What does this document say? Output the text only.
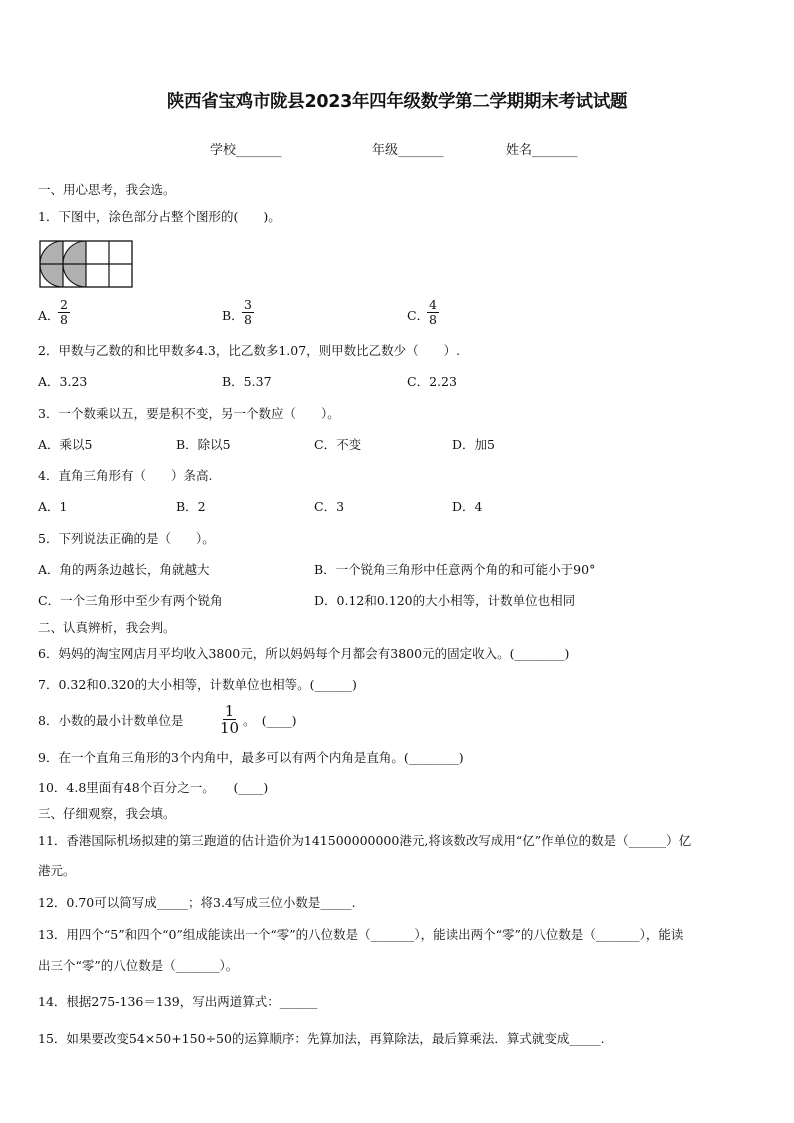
陕西省宝鸡市陇县2023年四年级数学第二学期期末考试试题
学校_______	年级_______	姓名_______
一、用心思考，我会选。
1．下图中，涂色部分占整个图形的(　　)。
A．
$\frac{2}{8}$	B．
$\frac{3}{8}$	C．
$\frac{4}{8}$
2．甲数与乙数的和比甲数多4.3，比乙数多1.07，则甲数比乙数少（　　）.
A．3.23	B．5.37	C．2.23
3．一个数乘以五，要是积不变，另一个数应（　　）。
A．乘以5	B．除以5	C．不变	D．加5
4．直角三角形有（　　）条高.
A．1	B．2	C．3	D．4
5．下列说法正确的是（　　）。
A．角的两条边越长，角就越大	B．一个锐角三角形中任意两个角的和可能小于90°
C．一个三角形中至少有两个锐角	D．0.12和0.120的大小相等，计数单位也相同
二、认真辨析，我会判。
6．妈妈的淘宝网店月平均收入3800元，所以妈妈每个月都会有3800元的固定收入。(________)
7．0.32和0.320的大小相等，计数单位也相等。(______)
8．小数的最小计数单位是 $\frac{1}{10}$ 。　(____)
9．在一个直角三角形的3个内角中，最多可以有两个内角是直角。(________)
10．4.8里面有48个百分之一。　　(____)
三、仔细观察，我会填。
11．香港国际机场拟建的第三跑道的估计造价为141500000000港元,将该数改写成用“亿”作单位的数是（______）亿
港元。
12．0.70可以简写成_____；将3.4写成三位小数是_____.
13．用四个“5”和四个“0”组成能读出一个“零”的八位数是（_______），能读出两个“零”的八位数是（_______），能读
出三个“零”的八位数是（_______）。
14．根据275-136＝139，写出两道算式：______
15．如果要改变54×50+150÷50的运算顺序：先算加法，再算除法，最后算乘法．算式就变成_____.
